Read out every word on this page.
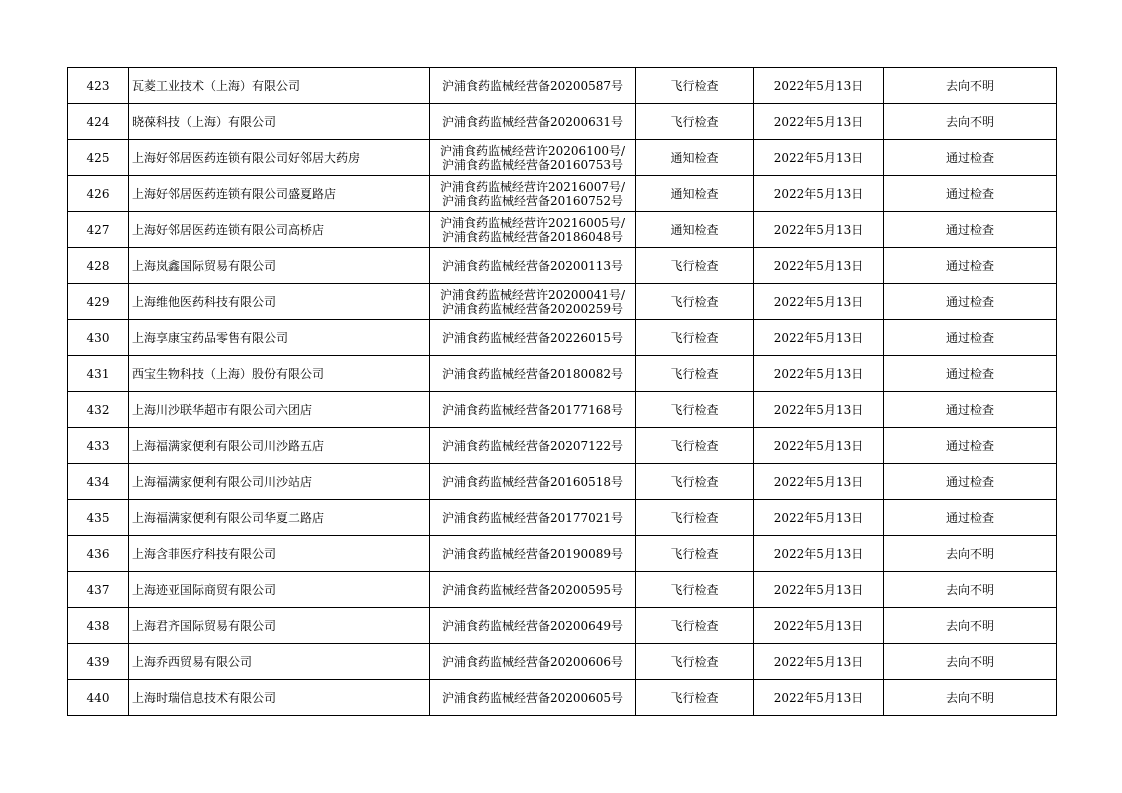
423	瓦菱工业技术（上海）有限公司	沪浦食药监械经营备20200587号	飞行检查	2022年5月13日	去向不明
424	晓葆科技（上海）有限公司	沪浦食药监械经营备20200631号	飞行检查	2022年5月13日	去向不明
425	上海好邻居医药连锁有限公司好邻居大药房	沪浦食药监械经营许20206100号/
沪浦食药监械经营备20160753号	通知检查	2022年5月13日	通过检查
426	上海好邻居医药连锁有限公司盛夏路店	沪浦食药监械经营许20216007号/
沪浦食药监械经营备20160752号	通知检查	2022年5月13日	通过检查
427	上海好邻居医药连锁有限公司高桥店	沪浦食药监械经营许20216005号/
沪浦食药监械经营备20186048号	通知检查	2022年5月13日	通过检查
428	上海岚鑫国际贸易有限公司	沪浦食药监械经营备20200113号	飞行检查	2022年5月13日	通过检查
429	上海维他医药科技有限公司	沪浦食药监械经营许20200041号/
沪浦食药监械经营备20200259号	飞行检查	2022年5月13日	通过检查
430	上海享康宝药品零售有限公司	沪浦食药监械经营备20226015号	飞行检查	2022年5月13日	通过检查
431	西宝生物科技（上海）股份有限公司	沪浦食药监械经营备20180082号	飞行检查	2022年5月13日	通过检查
432	上海川沙联华超市有限公司六团店	沪浦食药监械经营备20177168号	飞行检查	2022年5月13日	通过检查
433	上海福满家便利有限公司川沙路五店	沪浦食药监械经营备20207122号	飞行检查	2022年5月13日	通过检查
434	上海福满家便利有限公司川沙站店	沪浦食药监械经营备20160518号	飞行检查	2022年5月13日	通过检查
435	上海福满家便利有限公司华夏二路店	沪浦食药监械经营备20177021号	飞行检查	2022年5月13日	通过检查
436	上海含菲医疗科技有限公司	沪浦食药监械经营备20190089号	飞行检查	2022年5月13日	去向不明
437	上海迹亚国际商贸有限公司	沪浦食药监械经营备20200595号	飞行检查	2022年5月13日	去向不明
438	上海君齐国际贸易有限公司	沪浦食药监械经营备20200649号	飞行检查	2022年5月13日	去向不明
439	上海乔西贸易有限公司	沪浦食药监械经营备20200606号	飞行检查	2022年5月13日	去向不明
440	上海时瑞信息技术有限公司	沪浦食药监械经营备20200605号	飞行检查	2022年5月13日	去向不明
